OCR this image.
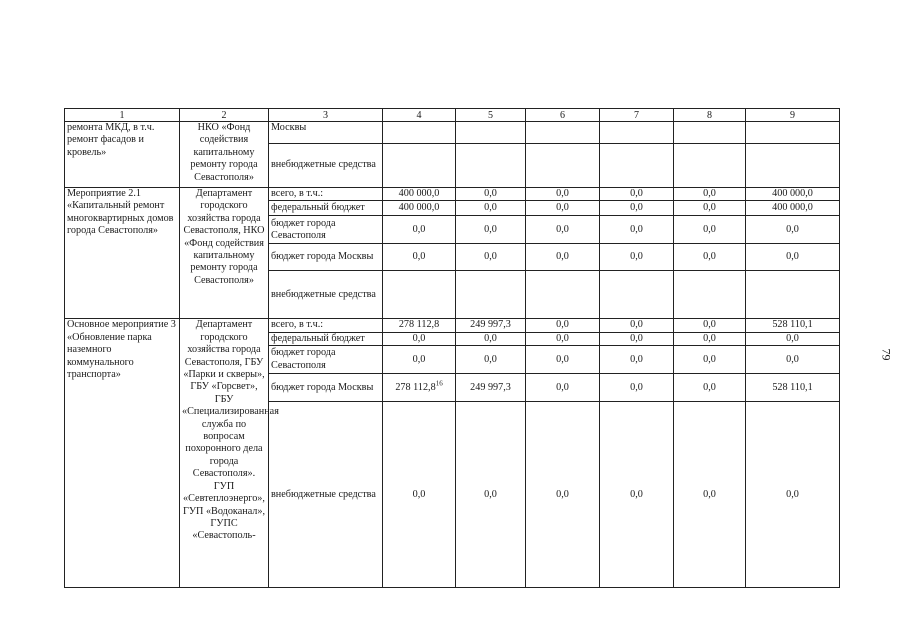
1	2	3	4	5	6	7	8	9
ремонта МКД, в т.ч. ремонт фасадов и кровель»	НКО «Фонд содействия капитальному ремонту города Севастополя»	Москвы						
		внебюджетные средства						
Мероприятие 2.1 «Капитальный ремонт многоквартирных домов города Севастополя»	Департамент городского хозяйства города Севастополя, НКО «Фонд содействия капитальному ремонту города Севастополя»	всего, в т.ч.:	400 000,0	0,0	0,0	0,0	0,0	400 000,0
		федеральный бюджет	400 000,0	0,0	0,0	0,0	0,0	400 000,0
		бюджет города Севастополя	0,0	0,0	0,0	0,0	0,0	0,0
		бюджет города Москвы	0,0	0,0	0,0	0,0	0,0	0,0
		внебюджетные средства						
Основное мероприятие 3 «Обновление парка наземного коммунального транспорта»	Департамент городского хозяйства города Севастополя, ГБУ «Парки и скверы», ГБУ «Горсвет», ГБУ «Специализированная служба по вопросам похоронного дела города Севастополя». ГУП «Севтеплоэнерго», ГУП «Водоканал», ГУПС «Севастополь-	всего, в т.ч.:	278 112,8	249 997,3	0,0	0,0	0,0	528 110,1
		федеральный бюджет	0,0	0,0	0,0	0,0	0,0	0,0
		бюджет города Севастополя	0,0	0,0	0,0	0,0	0,0	0,0
		бюджет города Москвы	278 112,8$^{16}$	249 997,3	0,0	0,0	0,0	528 110,1
		внебюджетные средства	0,0	0,0	0,0	0,0	0,0	0,0
79
